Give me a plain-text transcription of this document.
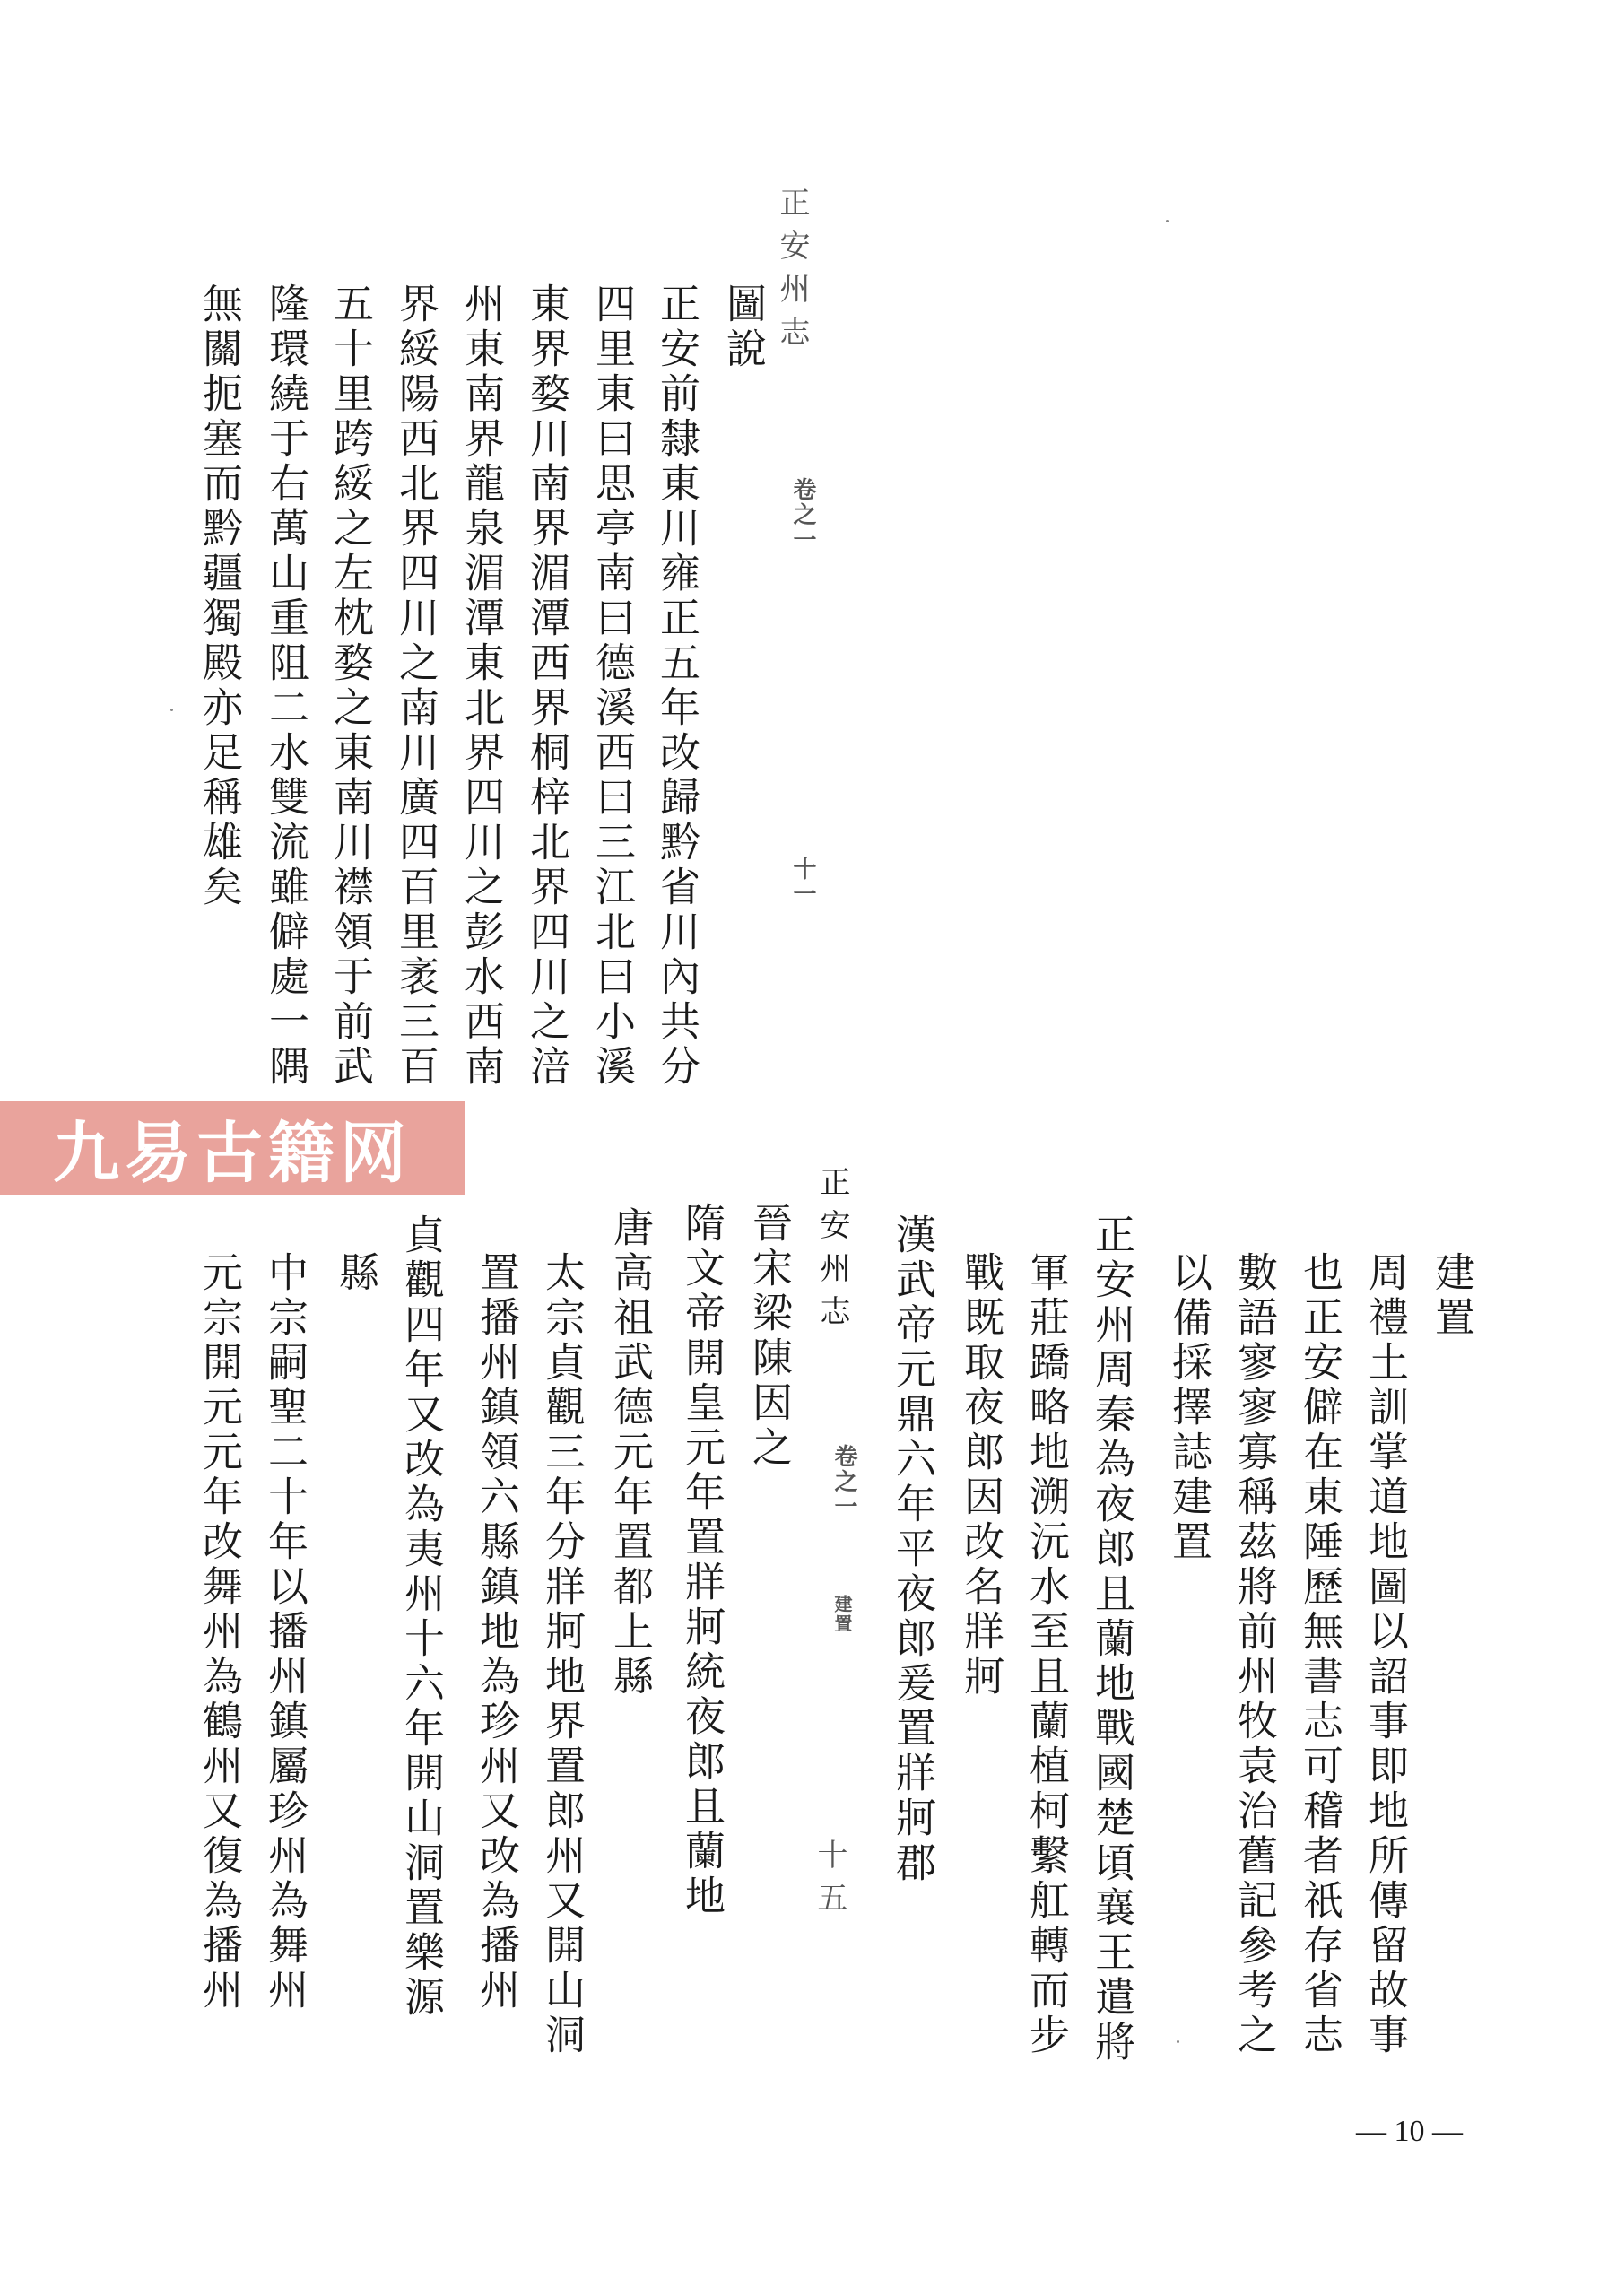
正安州志
卷之一
十一
圖說
正安前隸東川雍正五年改歸黔省川內共分
四里東曰思亭南曰德溪西曰三江北曰小溪
東界婺川南界湄潭西界桐梓北界四川之涪
州東南界龍泉湄潭東北界四川之彭水西南
界綏陽西北界四川之南川廣四百里袤三百
五十里跨綏之左枕婺之東南川襟領于前武
隆環繞于右萬山重阻二水雙流雖僻處一隅
無關扼塞而黔疆獨殿亦足稱雄矣
九易古籍网
建置
周禮土訓掌道地圖以詔事即地所傳留故事
也正安僻在東陲歷無書志可稽者祇存省志
數語寥寥寡稱茲將前州牧袁治舊記參考之
以備採擇誌建置
正安州周秦為夜郎且蘭地戰國楚頃襄王遣將
軍莊蹻略地溯沅水至且蘭植柯繫舡轉而步
戰既取夜郎因改名牂牁
漢武帝元鼎六年平夜郎爰置牂牁郡
正安州志
卷之一
建置
十五
晉宋梁陳因之
隋文帝開皇元年置牂牁統夜郎且蘭地
唐高祖武德元年置都上縣
太宗貞觀三年分牂牁地界置郎州又開山洞
置播州鎮領六縣鎮地為珍州又改為播州
貞觀四年又改為夷州十六年開山洞置樂源
縣
中宗嗣聖二十年以播州鎮屬珍州為舞州
元宗開元元年改舞州為鶴州又復為播州
— 10 —
